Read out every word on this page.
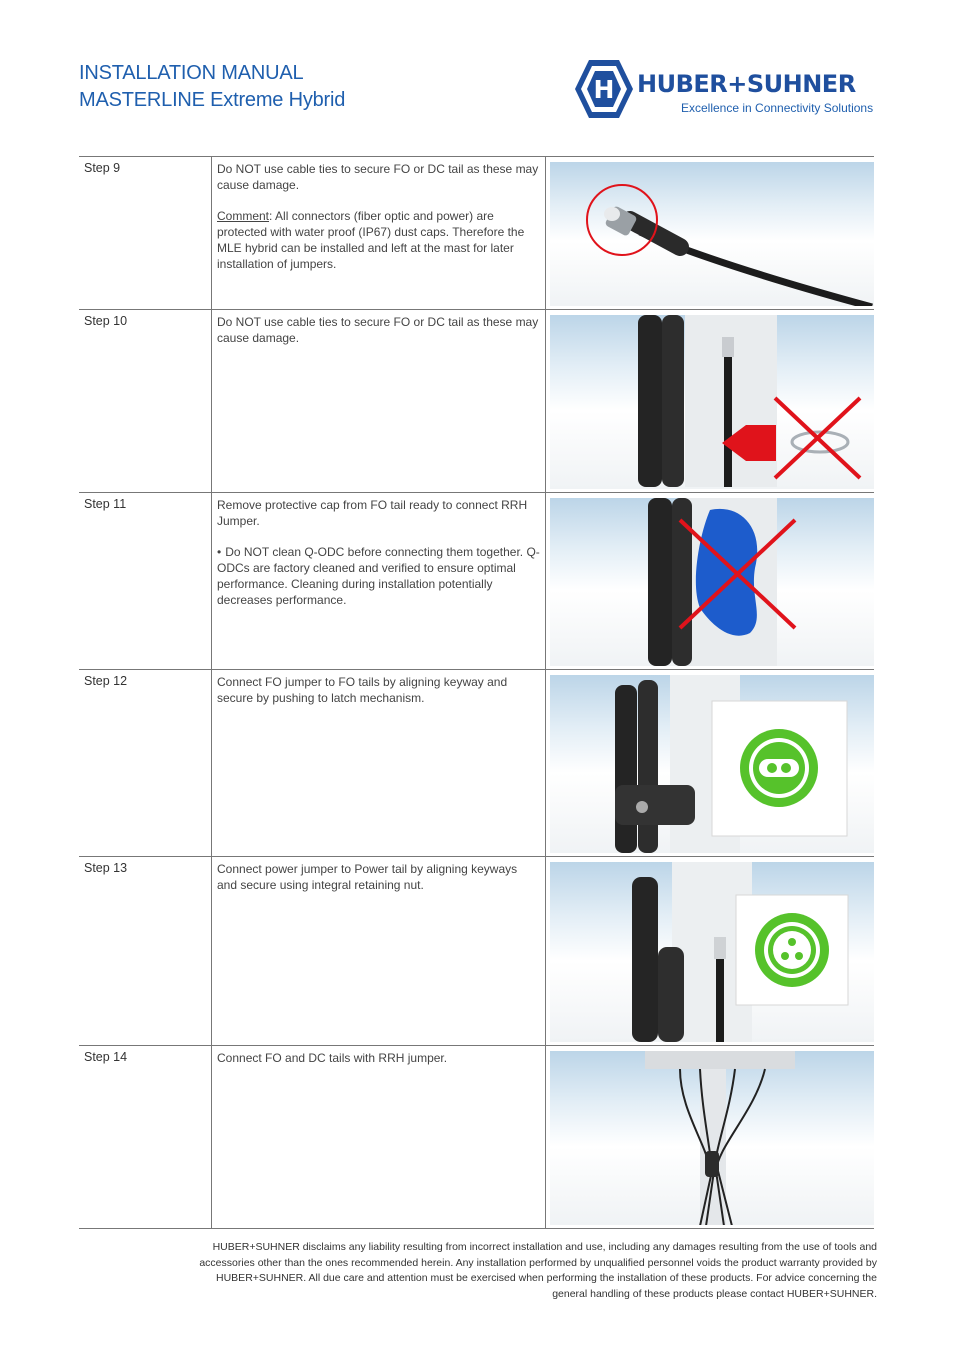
INSTALLATION MANUAL
MASTERLINE Extreme Hybrid	H HUBER+SUHNER
Excellence in Connectivity Solutions
Step 9	Do NOT use cable ties to secure FO or DC tail as these may cause damage.

Comment: All connectors (fiber optic and power) are protected with water proof (IP67) dust caps. Therefore the MLE hybrid can be installed and left at the mast for later installation of jumpers.

Step 10	Do NOT use cable ties to secure FO or DC tail as these may cause damage.

Step 11	Remove protective cap from FO tail ready to connect RRH Jumper.

• Do NOT clean Q-ODC before connecting them together. Q-ODCs are factory cleaned and verified to ensure optimal performance. Cleaning during installation potentially decreases performance.

Step 12	Connect FO jumper to FO tails by aligning keyway and secure by pushing to latch mechanism.

Step 13	Connect power jumper to Power tail by aligning keyways and secure using integral retaining nut.

Step 14	Connect FO and DC tails with RRH jumper.

HUBER+SUHNER disclaims any liability resulting from incorrect installation and use, including any damages resulting from the use of tools and accessories other than the ones recommended herein. Any installation performed by unqualified personnel voids the product warranty provided by HUBER+SUHNER. All due care and attention must be exercised when performing the installation of these products. For advice concerning the general handling of these products please contact HUBER+SUHNER.
